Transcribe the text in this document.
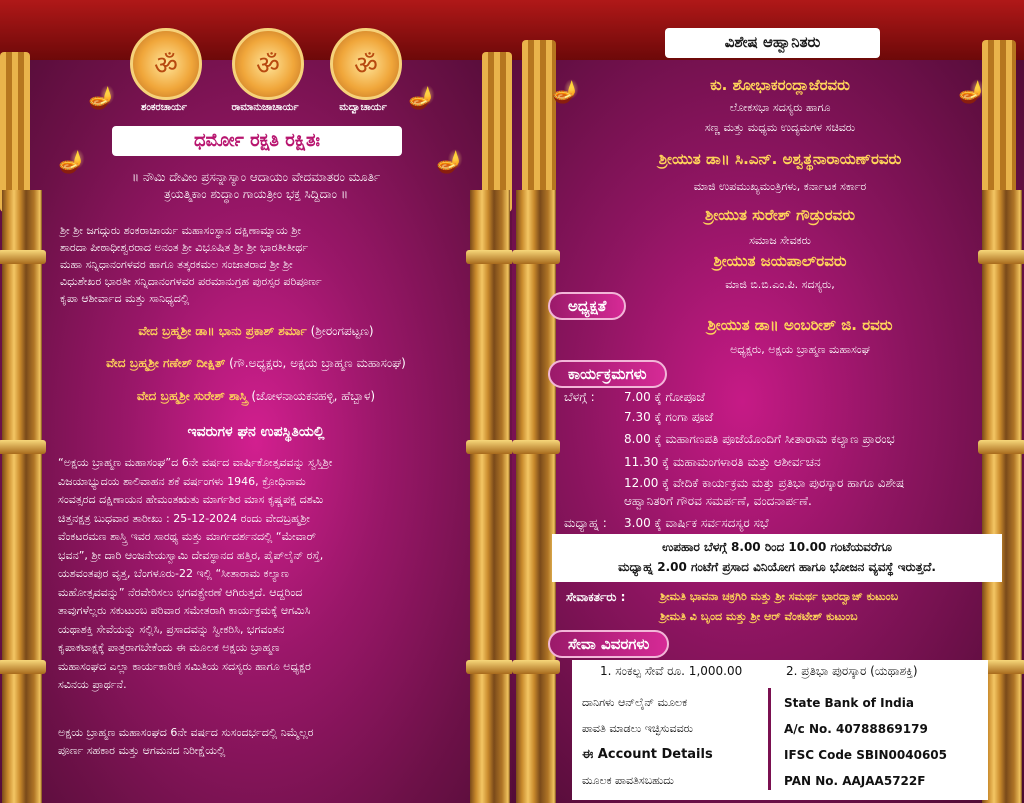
🪔	🪔
🪔	🪔
ॐ	ॐ	ॐ
ಶಂಕರಚಾರ್ಯ	ರಾಮಾನುಜಾಚಾರ್ಯ	ಮದ್ವಾಚಾರ್ಯ
ಧರ್ಮೋ ರಕ್ಷತಿ ರಕ್ಷಿತಃ
॥ ನೌಮಿ ದೇವೀಂ ಪ್ರಸನ್ನಾಸ್ಯಾಂ ಆದಾಯಂ ವೇದಮಾತರಂ ಮೂರ್ತಿ
ತ್ರಯತ್ಮಿಕಾಂ ಶುದ್ಧಾಂ ಗಾಯತ್ರೀಂ ಭಕ್ತ ಸಿದ್ದಿದಾಂ ॥
ಶ್ರೀ ಶ್ರೀ ಜಗದ್ಗುರು ಶಂಕರಾಚಾರ್ಯ ಮಹಾಸಂಸ್ಥಾನ ದಕ್ಷಿಣಾಮ್ನಾಯ ಶ್ರೀ
ಶಾರದಾ ಪೀಠಾಧೀಶ್ವರರಾದ ಅನಂತ ಶ್ರೀ ವಿಭೂಷಿತ ಶ್ರೀ ಶ್ರೀ ಭಾರತೀತೀರ್ಥ
ಮಹಾ ಸನ್ನಿಧಾನಂಗಳವರ ಹಾಗೂ ತತ್ಕರಕಮಲ ಸಂಜಾತರಾದ ಶ್ರೀ ಶ್ರೀ
ವಿಧುಶೇಖರ ಭಾರತೀ ಸನ್ನಿದಾನಂಗಳವರ ಪರಮಾನುಗ್ರಹ ಪುರಸ್ಸರ ಪರಿಪೂರ್ಣ
ಕೃಪಾ ಆಶೀರ್ವಾದ ಮತ್ತು ಸಾನಿಧ್ಯದಲ್ಲಿ
ವೇದ ಬ್ರಹ್ಮಶ್ರೀ ಡಾ॥ ಭಾನು ಪ್ರಕಾಶ್ ಶರ್ಮಾ (ಶ್ರೀರಂಗಪಟ್ಟಣ)
ವೇದ ಬ್ರಹ್ಮಶ್ರೀ ಗಣೇಶ್ ದೀಕ್ಷಿತ್ (ಗೌ.ಅಧ್ಯಕ್ಷರು, ಅಕ್ಷಯ ಬ್ರಾಹ್ಮಣ ಮಹಾಸಂಘ)
ವೇದ ಬ್ರಹ್ಮಶ್ರೀ ಸುರೇಶ್ ಶಾಸ್ತ್ರಿ (ಜೋಳನಾಯಕನಹಳ್ಳಿ, ಹೆಬ್ಬಾಳ)
ಇವರುಗಳ ಘನ ಉಪಸ್ಥಿತಿಯಲ್ಲಿ
“ಅಕ್ಷಯ ಬ್ರಾಹ್ಮಣ ಮಹಾಸಂಘ”ದ 6ನೇ ವರ್ಷದ ವಾರ್ಷಿಕೋತ್ಸವವನ್ನು ಸ್ವಸ್ತಿಶ್ರೀ
ವಿಜಯಾಭ್ಯುದಯ ಶಾಲಿವಾಹನ ಶಕೆ ವರ್ಷಂಗಳು 1946, ಕ್ರೋಧಿನಾಮ
ಸಂವತ್ಸರದ ದಕ್ಷಿಣಾಯನ ಹೇಮಂತಋತು ಮಾರ್ಗಶಿರ ಮಾಸ ಕೃಷ್ಣಪಕ್ಷ ದಶಮಿ
ಚಿತ್ತನಕ್ಷತ್ರ ಬುಧವಾರ ತಾರೀಖು : 25-12-2024 ರಂದು ವೇದಬ್ರಹ್ಮಶ್ರೀ
ವೆಂಕಟರಮಣ ಶಾಸ್ತ್ರಿ ಇವರ ಸಾರಥ್ಯ ಮತ್ತು ಮಾರ್ಗದರ್ಶನದಲ್ಲಿ “ಮೇವಾರ್
ಭವನ”, ಶ್ರೀ ದಾರಿ ಆಂಜನೇಯಸ್ವಾಮಿ ದೇವಸ್ಥಾನದ ಹತ್ತಿರ, ಪೈಪ್‌ಲೈನ್ ರಸ್ತೆ,
ಯಶವಂತಪುರ ವೃತ್ತ, ಬೆಂಗಳೂರು-22 ಇಲ್ಲಿ “ಸೀತಾರಾಮ ಕಲ್ಯಾಣ
ಮಹೋತ್ಸವವನ್ನು” ನೆರವೇರಿಸಲು ಭಗವತ್ಪ್ರೇರಣೆ ಆಗಿರುತ್ತದೆ. ಆದ್ದರಿಂದ
ತಾವುಗಳೆಲ್ಲರು ಸಕುಟುಂಬ ಪರಿವಾರ ಸಮೇತರಾಗಿ ಕಾರ್ಯಕ್ರಮಕ್ಕೆ ಆಗಮಿಸಿ
ಯಥಾಶಕ್ತಿ ಸೇವೆಯನ್ನು ಸಲ್ಲಿಸಿ, ಪ್ರಸಾದವನ್ನು ಸ್ವೀಕರಿಸಿ, ಭಗವಂತನ
ಕೃಪಾಕಟಾಕ್ಷಕ್ಕೆ ಪಾತ್ರರಾಗಬೇಕೆಂದು ಈ ಮೂಲಕ ಅಕ್ಷಯ ಬ್ರಾಹ್ಮಣ
ಮಹಾಸಂಘದ ಎಲ್ಲಾ ಕಾರ್ಯಕಾರಿಣಿ ಸಮಿತಿಯ ಸದಸ್ಯರು ಹಾಗೂ ಅಧ್ಯಕ್ಷರ
ಸವಿನಯ ಪ್ರಾರ್ಥನೆ.
ಅಕ್ಷಯ ಬ್ರಾಹ್ಮಣ ಮಹಾಸಂಘದ 6ನೇ ವರ್ಷದ ಸುಸಂದರ್ಭದಲ್ಲಿ ನಿಮ್ಮೆಲ್ಲರ
ಪೂರ್ಣ ಸಹಕಾರ ಮತ್ತು ಆಗಮನದ ನಿರೀಕ್ಷೆಯಲ್ಲಿ
🪔	🪔
ವಿಶೇಷ ಆಹ್ವಾನಿತರು
ಕು. ಶೋಭಾಕರಂದ್ಲಾಜೆರವರು
ಲೋಕಸಭಾ ಸದಸ್ಯರು ಹಾಗೂ
ಸಣ್ಣ ಮತ್ತು ಮಧ್ಯಮ ಉದ್ಯಮಗಳ ಸಚಿವರು
ಶ್ರೀಯುತ ಡಾ॥ ಸಿ.ಎನ್. ಅಶ್ವತ್ಥನಾರಾಯಣ್‌ರವರು
ಮಾಜಿ ಉಪಮುಖ್ಯಮಂತ್ರಿಗಳು, ಕರ್ನಾಟಕ ಸರ್ಕಾರ
ಶ್ರೀಯುತ ಸುರೇಶ್ ಗೌಡ್ರುರವರು
ಸಮಾಜ ಸೇವಕರು
ಶ್ರೀಯುತ ಜಯಪಾಲ್‌ರವರು
ಮಾಜಿ ಬಿ.ಬಿ.ಎಂ.ಪಿ. ಸದಸ್ಯರು,
ಅಧ್ಯಕ್ಷತೆ
ಶ್ರೀಯುತ ಡಾ॥ ಅಂಬರೀಶ್ ಜಿ. ರವರು
ಅಧ್ಯಕ್ಷರು, ಅಕ್ಷಯ ಬ್ರಾಹ್ಮಣ ಮಹಾಸಂಘ
ಕಾರ್ಯಕ್ರಮಗಳು
ಬೆಳಗ್ಗೆ : 7.00 ಕ್ಕೆ ಗೋಪೂಜೆ
7.30 ಕ್ಕೆ ಗಂಗಾ ಪೂಜೆ
8.00 ಕ್ಕೆ ಮಹಾಗಣಪತಿ ಪೂಜೆಯೊಂದಿಗೆ ಸೀತಾರಾಮ ಕಲ್ಯಾಣ ಪ್ರಾರಂಭ
11.30 ಕ್ಕೆ ಮಹಾಮಂಗಳಾರತಿ ಮತ್ತು ಆಶೀರ್ವಚನ
12.00 ಕ್ಕೆ ವೇದಿಕೆ ಕಾರ್ಯಕ್ರಮ ಮತ್ತು ಪ್ರತಿಭಾ ಪುರಸ್ಕಾರ ಹಾಗೂ ವಿಶೇಷ
ಆಹ್ವಾನಿತರಿಗೆ ಗೌರವ ಸಮರ್ಪಣೆ, ವಂದನಾರ್ಪಣೆ.
ಮಧ್ಯಾಹ್ನ : 3.00 ಕ್ಕೆ ವಾರ್ಷಿಕ ಸರ್ವಸದಸ್ಯರ ಸಭೆ
ಉಪಹಾರ ಬೆಳಗ್ಗೆ 8.00 ರಿಂದ 10.00 ಗಂಟೆಯವರೆಗೂ
ಮಧ್ಯಾಹ್ನ 2.00 ಗಂಟೆಗೆ ಪ್ರಸಾದ ವಿನಿಯೋಗ ಹಾಗೂ ಭೋಜನ ವ್ಯವಸ್ಥೆ ಇರುತ್ತದೆ.
ಸೇವಾಕರ್ತರು :	ಶ್ರೀಮತಿ ಭಾವನಾ ಚಕ್ರಗಿರಿ ಮತ್ತು ಶ್ರೀ ಸಮರ್ಥ ಭಾರದ್ವಾಜ್ ಕುಟುಂಬ
ಶ್ರೀಮತಿ ವಿ ಬೃಂದ ಮತ್ತು ಶ್ರೀ ಆರ್ ವೆಂಕಟೇಶ್ ಕುಟುಂಬ
ಸೇವಾ ವಿವರಗಳು
1. ಸಂಕಲ್ಪ ಸೇವೆ ರೂ. 1,000.00	2. ಪ್ರತಿಭಾ ಪುರಸ್ಕಾರ (ಯಥಾಶಕ್ತಿ)
ದಾನಿಗಳು ಆನ್‌ಲೈನ್ ಮೂಲಕ
ಪಾವತಿ ಮಾಡಲು ಇಚ್ಛಿಸುವವರು
ಈ Account Details
ಮೂಲಕ ಪಾವತಿಸಬಹುದು
State Bank of India
A/c No. 40788869179
IFSC Code SBIN0040605
PAN No. AAJAA5722F
